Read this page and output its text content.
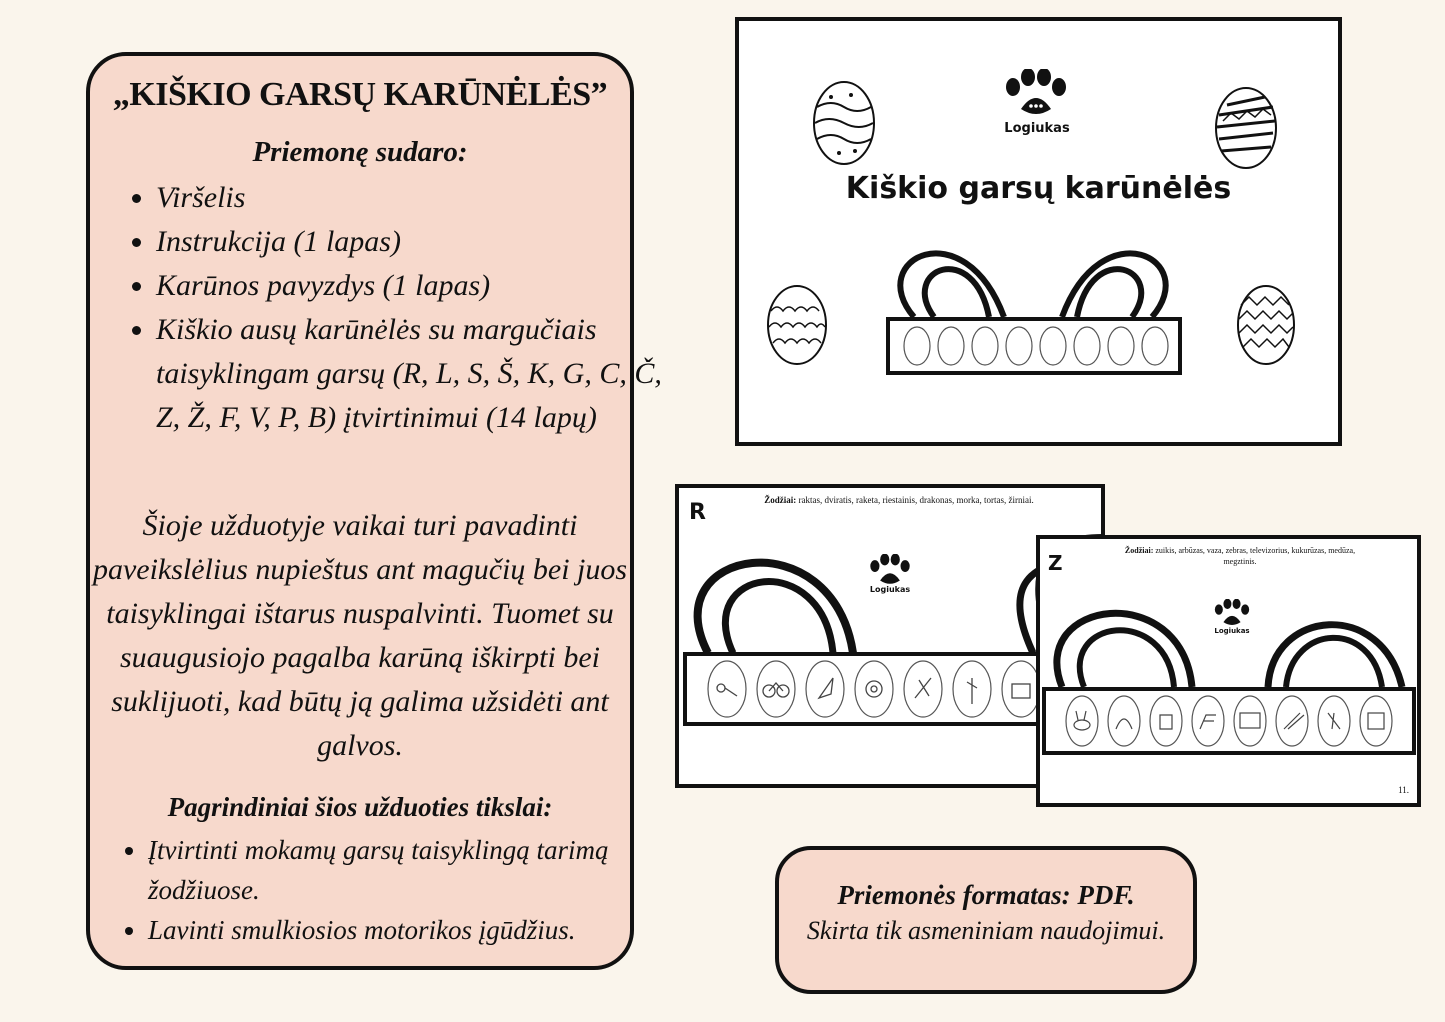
„KIŠKIO GARSŲ KARŪNĖLĖS”
Priemonę sudaro:
• Viršelis
• Instrukcija (1 lapas)
• Karūnos pavyzdys (1 lapas)
• Kiškio ausų karūnėlės su margučiais taisyklingam garsų (R, L, S, Š, K, G, C, Č, Z, Ž, F, V, P, B) įtvirtinimui (14 lapų)
Šioje užduotyje vaikai turi pavadinti paveikslėlius nupieštus ant magučių bei juos taisyklingai ištarus nuspalvinti. Tuomet su suaugusiojo pagalba karūną iškirpti bei suklijuoti, kad būtų ją galima užsidėti ant galvos.
Pagrindiniai šios užduoties tikslai:
• Įtvirtinti mokamų garsų taisyklingą tarimą žodžiuose.
• Lavinti smulkiosios motorikos įgūdžius.
Logiukas
Kiškio garsų karūnėlės
R	Žodžiai: raktas, dviratis, raketa, riestainis, drakonas, morka, tortas, žirniai.
Logiukas
Z
Žodžiai: zuikis, arbūzas, vaza, zebras, televizorius, kukurūzas, medūza,
megztinis.
Logiukas
11.
Priemonės formatas: PDF.
Skirta tik asmeniniam naudojimui.
